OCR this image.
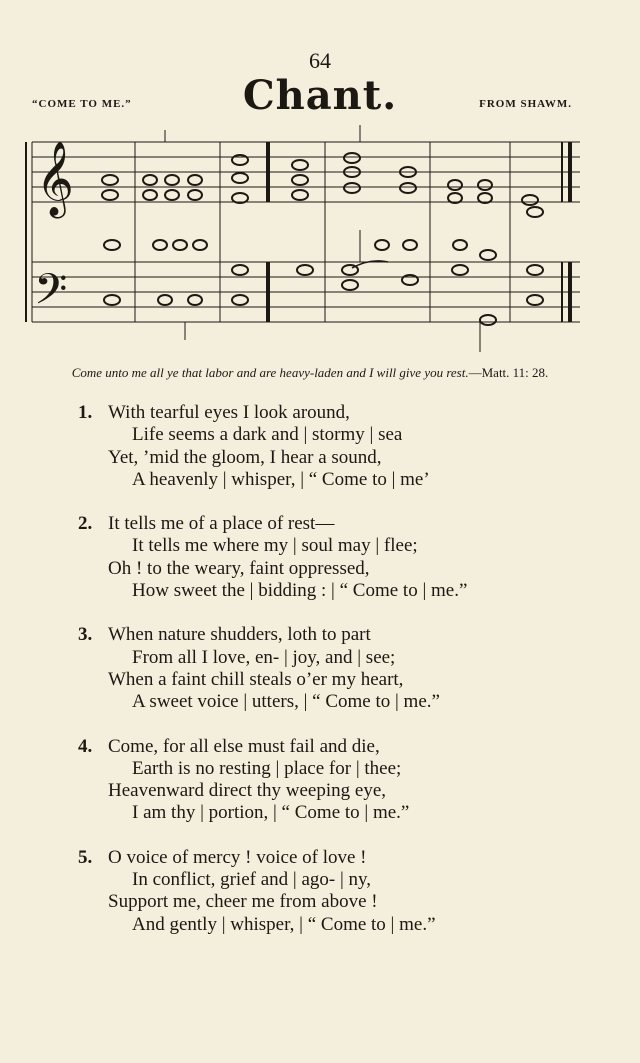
64
“COME TO ME.”	Chant.	FROM SHAWM.
𝄞
𝄢
Come unto me all ye that labor and are heavy-laden and I will give you rest.—Matt. 11: 28.
1. With tearful eyes I look around,
Life seems a dark and | stormy | sea
Yet, ’mid the gloom, I hear a sound,
A heavenly | whisper, | “ Come to | me’
2. It tells me of a place of rest—
It tells me where my | soul may | flee;
Oh ! to the weary, faint oppressed,
How sweet the | bidding : | “ Come to | me.”
3. When nature shudders, loth to part
From all I love, en- | joy, and | see;
When a faint chill steals o’er my heart,
A sweet voice | utters, | “ Come to | me.”
4. Come, for all else must fail and die,
Earth is no resting | place for | thee;
Heavenward direct thy weeping eye,
I am thy | portion, | “ Come to | me.”
5. O voice of mercy ! voice of love !
In conflict, grief and | ago- | ny,
Support me, cheer me from above !
And gently | whisper, | “ Come to | me.”
